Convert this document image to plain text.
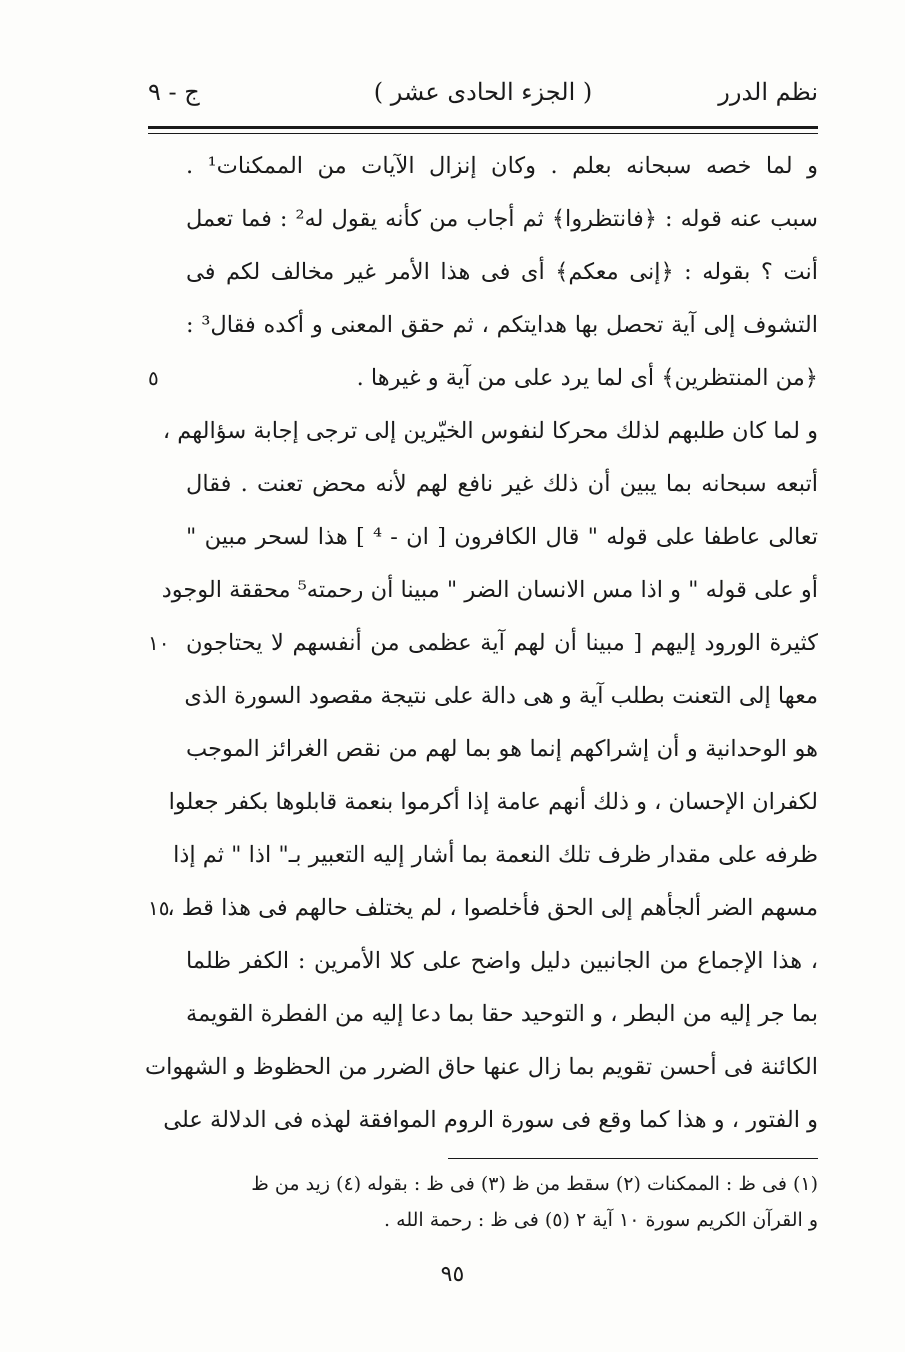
نظم الدرر
( الجزء الحادى عشر )
ج - ٩
و لما خصه سبحانه بعلم . وكان إنزال الآيات من الممكنات¹ .
سبب عنه قوله : ﴿فانتظروا﴾ ثم أجاب من كأنه يقول له² : فما تعمل
أنت ؟ بقوله : ﴿إنى معكم﴾ أى فى هذا الأمر غير مخالف لكم فى
التشوف إلى آية تحصل بها هدايتكم ، ثم حقق المعنى و أكده فقال³ :
﴿من المنتظرين﴾ أى لما يرد على من آية و غيرها .
و لما كان طلبهم لذلك محركا لنفوس الخيّرين إلى ترجى إجابة سؤالهم ،
أتبعه سبحانه بما يبين أن ذلك غير نافع لهم لأنه محض تعنت . فقال
تعالى عاطفا على قوله " قال الكافرون [ ان - ⁴ ] هذا لسحر مبين "
أو على قوله " و اذا مس الانسان الضر " مبينا أن رحمته⁵ محققة الوجود
كثيرة الورود إليهم [ مبينا أن لهم آية عظمى من أنفسهم لا يحتاجون
معها إلى التعنت بطلب آية و هى دالة على نتيجة مقصود السورة الذى
هو الوحدانية و أن إشراكهم إنما هو بما لهم من نقص الغرائز الموجب
لكفران الإحسان ، و ذلك أنهم عامة إذا أكرموا بنعمة قابلوها بكفر جعلوا
ظرفه على مقدار ظرف تلك النعمة بما أشار إليه التعبير بـ" اذا " ثم إذا
مسهم الضر ألجأهم إلى الحق فأخلصوا ، لم يختلف حالهم فى هذا قط ،
، هذا الإجماع من الجانبين دليل واضح على كلا الأمرين : الكفر ظلما
بما جر إليه من البطر ، و التوحيد حقا بما دعا إليه من الفطرة القويمة
الكائنة فى أحسن تقويم بما زال عنها حاق الضرر من الحظوظ و الشهوات
و الفتور ، و هذا كما وقع فى سورة الروم الموافقة لهذه فى الدلالة على
٥
١٠
١٥
(١) فى ظ : الممكنات (٢) سقط من ظ (٣) فى ظ : بقوله (٤) زيد من ظ
و القرآن الكريم سورة ١٠ آية ٢ (٥) فى ظ : رحمة الله .
٩٥
